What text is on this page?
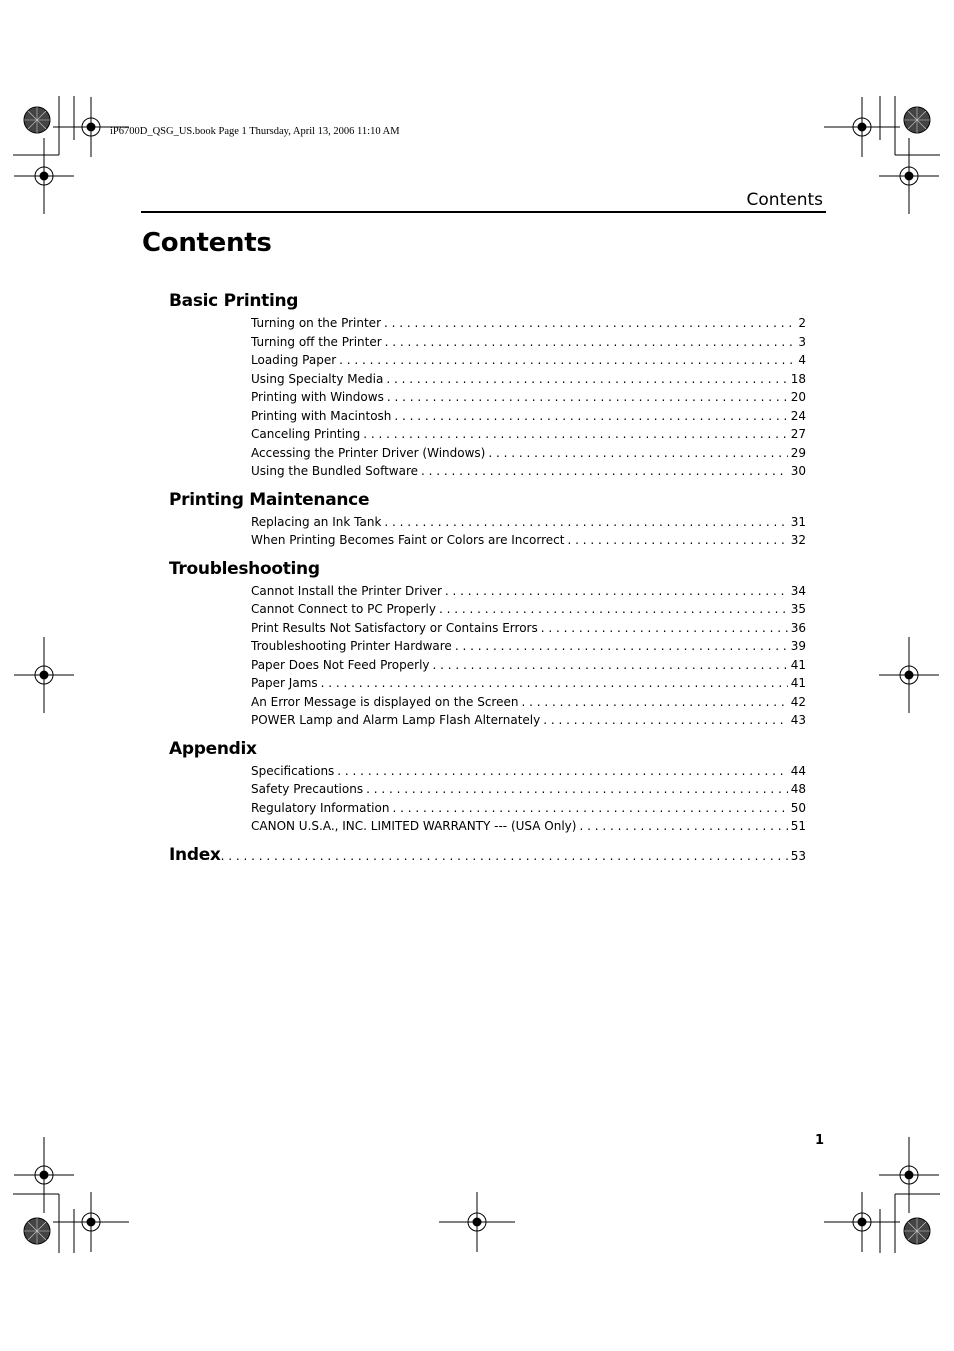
iP6700D_QSG_US.book Page 1 Thursday, April 13, 2006 11:10 AM
Contents
Contents
Basic Printing
Turning on the Printer . . .	2
Turning off the Printer . . .	3
Loading Paper . . .	4
Using Specialty Media . . .	18
Printing with Windows . . .	20
Printing with Macintosh . . .	24
Canceling Printing . . .	27
Accessing the Printer Driver (Windows) . . .	29
Using the Bundled Software . . .	30
Printing Maintenance
Replacing an Ink Tank . . .	31
When Printing Becomes Faint or Colors are Incorrect . . .	32
Troubleshooting
Cannot Install the Printer Driver . . .	34
Cannot Connect to PC Properly . . .	35
Print Results Not Satisfactory or Contains Errors . . .	36
Troubleshooting Printer Hardware . . .	39
Paper Does Not Feed Properly . . .	41
Paper Jams . . .	41
An Error Message is displayed on the Screen . . .	42
POWER Lamp and Alarm Lamp Flash Alternately . . .	43
Appendix
Specifications . . .	44
Safety Precautions . . .	48
Regulatory Information . . .	50
CANON U.S.A., INC. LIMITED WARRANTY --- (USA Only) . . .	51
Index . . .	53
1
